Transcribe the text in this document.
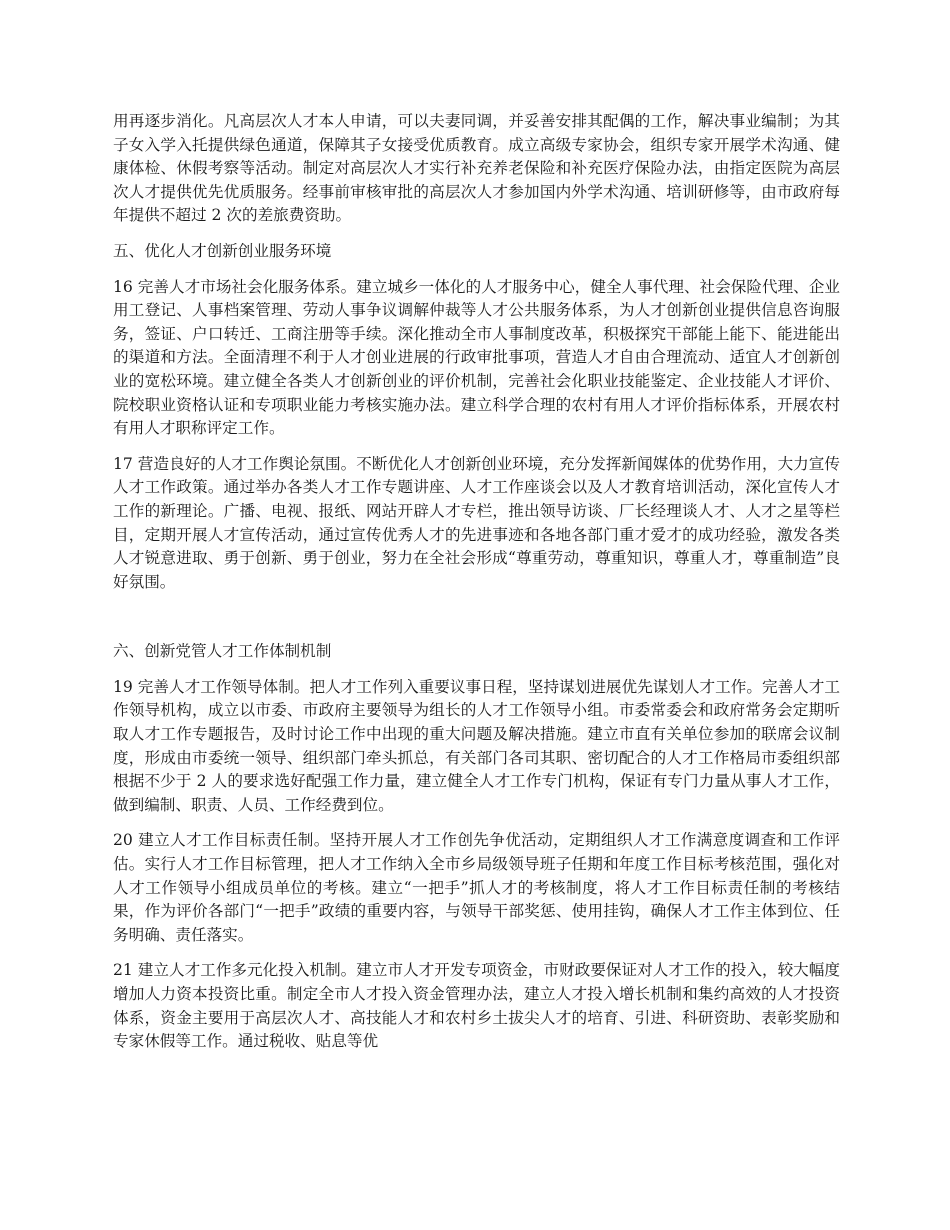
用再逐步消化。凡高层次人才本人申请，可以夫妻同调，并妥善安排其配偶的工作，解决事业编制；为其子女入学入托提供绿色通道，保障其子女接受优质教育。成立高级专家协会，组织专家开展学术沟通、健康体检、休假考察等活动。制定对高层次人才实行补充养老保险和补充医疗保险办法，由指定医院为高层次人才提供优先优质服务。经事前审核审批的高层次人才参加国内外学术沟通、培训研修等，由市政府每年提供不超过 2 次的差旅费资助。

五、优化人才创新创业服务环境

16 完善人才市场社会化服务体系。建立城乡一体化的人才服务中心，健全人事代理、社会保险代理、企业用工登记、人事档案管理、劳动人事争议调解仲裁等人才公共服务体系，为人才创新创业提供信息咨询服务，签证、户口转迁、工商注册等手续。深化推动全市人事制度改革，积极探究干部能上能下、能进能出的渠道和方法。全面清理不利于人才创业进展的行政审批事项，营造人才自由合理流动、适宜人才创新创业的宽松环境。建立健全各类人才创新创业的评价机制，完善社会化职业技能鉴定、企业技能人才评价、院校职业资格认证和专项职业能力考核实施办法。建立科学合理的农村有用人才评价指标体系，开展农村有用人才职称评定工作。

17 营造良好的人才工作舆论氛围。不断优化人才创新创业环境，充分发挥新闻媒体的优势作用，大力宣传人才工作政策。通过举办各类人才工作专题讲座、人才工作座谈会以及人才教育培训活动，深化宣传人才工作的新理论。广播、电视、报纸、网站开辟人才专栏，推出领导访谈、厂长经理谈人才、人才之星等栏目，定期开展人才宣传活动，通过宣传优秀人才的先进事迹和各地各部门重才爱才的成功经验，激发各类人才锐意进取、勇于创新、勇于创业，努力在全社会形成“尊重劳动，尊重知识，尊重人才，尊重制造”良好氛围。

六、创新党管人才工作体制机制

19 完善人才工作领导体制。把人才工作列入重要议事日程，坚持谋划进展优先谋划人才工作。完善人才工作领导机构，成立以市委、市政府主要领导为组长的人才工作领导小组。市委常委会和政府常务会定期听取人才工作专题报告，及时讨论工作中出现的重大问题及解决措施。建立市直有关单位参加的联席会议制度，形成由市委统一领导、组织部门牵头抓总，有关部门各司其职、密切配合的人才工作格局市委组织部根据不少于 2 人的要求选好配强工作力量，建立健全人才工作专门机构，保证有专门力量从事人才工作，做到编制、职责、人员、工作经费到位。

20 建立人才工作目标责任制。坚持开展人才工作创先争优活动，定期组织人才工作满意度调查和工作评估。实行人才工作目标管理，把人才工作纳入全市乡局级领导班子任期和年度工作目标考核范围，强化对人才工作领导小组成员单位的考核。建立“一把手”抓人才的考核制度，将人才工作目标责任制的考核结果，作为评价各部门“一把手”政绩的重要内容，与领导干部奖惩、使用挂钩，确保人才工作主体到位、任务明确、责任落实。

21 建立人才工作多元化投入机制。建立市人才开发专项资金，市财政要保证对人才工作的投入，较大幅度增加人力资本投资比重。制定全市人才投入资金管理办法，建立人才投入增长机制和集约高效的人才投资体系，资金主要用于高层次人才、高技能人才和农村乡土拔尖人才的培育、引进、科研资助、表彰奖励和专家休假等工作。通过税收、贴息等优
